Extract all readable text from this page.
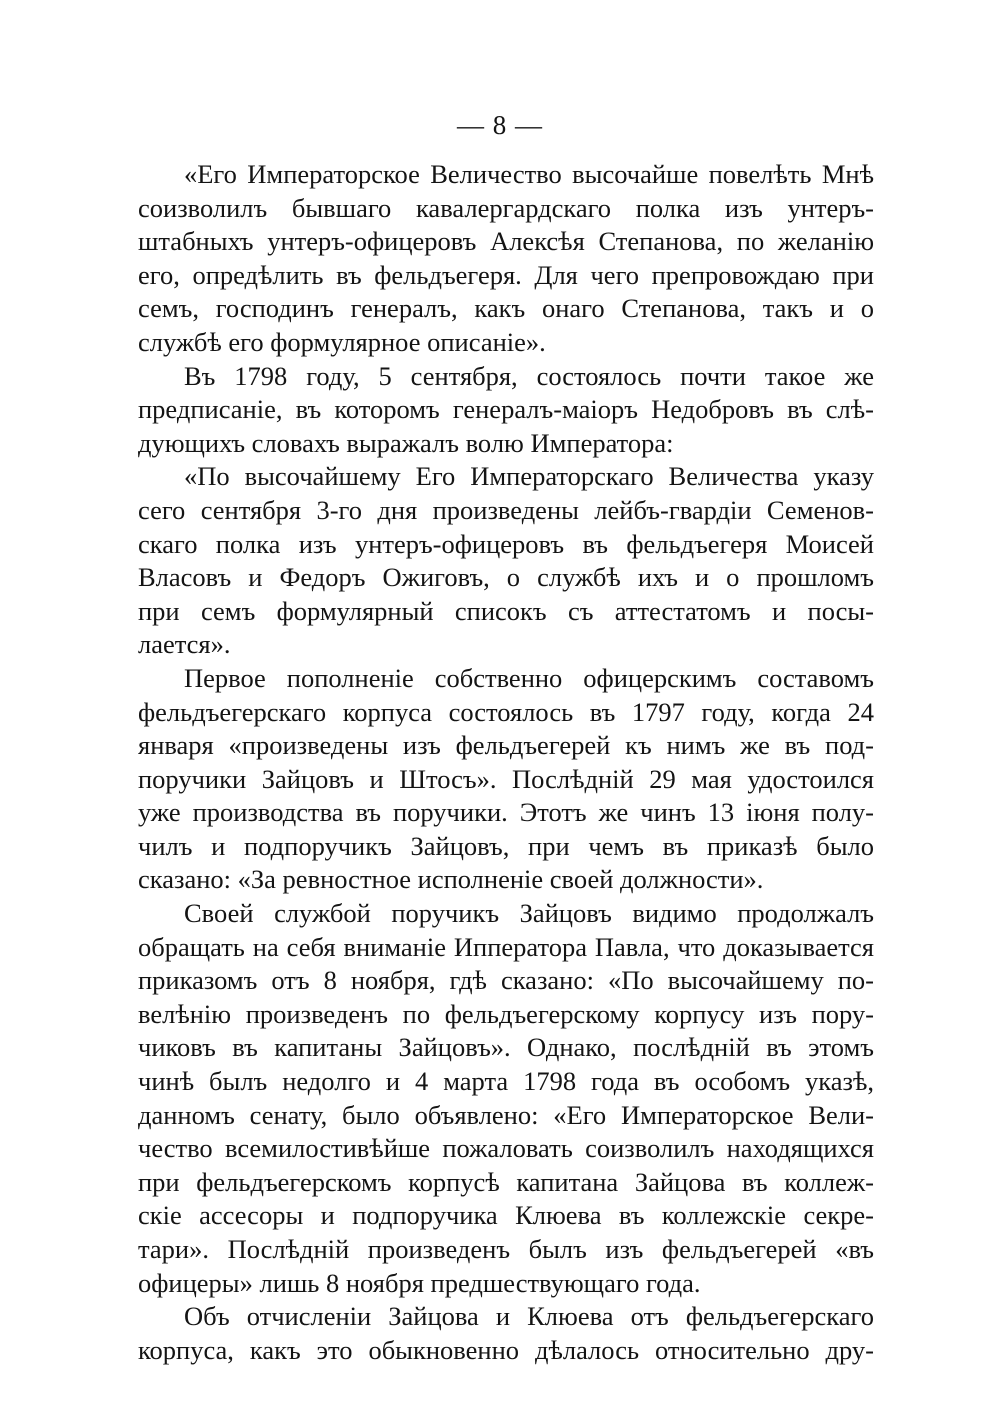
— 8 —
«Его Императорское Величество высочайше повелѣть Мнѣ
соизволилъ бывшаго кавалергардскаго полка изъ унтеръ-
штабныхъ унтеръ-офицеровъ Алексѣя Степанова, по желанію
его, опредѣлить въ фельдъегеря. Для чего препровождаю при
семъ, господинъ генералъ, какъ онаго Степанова, такъ и о
службѣ его формулярное описаніе».
Въ 1798 году, 5 сентября, состоялось почти такое же
предписаніе, въ которомъ генералъ-маіоръ Недобровъ въ слѣ-
дующихъ словахъ выражалъ волю Императора:
«По высочайшему Его Императорскаго Величества указу
сего сентября 3-го дня произведены лейбъ-гвардіи Семенов-
скаго полка изъ унтеръ-офицеровъ въ фельдъегеря Моисей
Власовъ и Федоръ Ожиговъ, о службѣ ихъ и о прошломъ
при семъ формулярный списокъ съ аттестатомъ и посы-
лается».
Первое пополненіе собственно офицерскимъ составомъ
фельдъегерскаго корпуса состоялось въ 1797 году, когда 24
января «произведены изъ фельдъегерей къ нимъ же въ под-
поручики Зайцовъ и Штосъ». Послѣдній 29 мая удостоился
уже производства въ поручики. Этотъ же чинъ 13 іюня полу-
чилъ и подпоручикъ Зайцовъ, при чемъ въ приказѣ было
сказано: «За ревностное исполненіе своей должности».
Своей службой поручикъ Зайцовъ видимо продолжалъ
обращать на себя вниманіе Ипператора Павла, что доказывается
приказомъ отъ 8 ноября, гдѣ сказано: «По высочайшему по-
велѣнію произведенъ по фельдъегерскому корпусу изъ пору-
чиковъ въ капитаны Зайцовъ». Однако, послѣдній въ этомъ
чинѣ былъ недолго и 4 марта 1798 года въ особомъ указѣ,
данномъ сенату, было объявлено: «Его Императорское Вели-
чество всемилостивѣйше пожаловать соизволилъ находящихся
при фельдъегерскомъ корпусѣ капитана Зайцова въ коллеж-
скіе ассесоры и подпоручика Клюева въ коллежскіе секре-
тари». Послѣдній произведенъ былъ изъ фельдъегерей «въ
офицеры» лишь 8 ноября предшествующаго года.
Объ отчисленіи Зайцова и Клюева отъ фельдъегерскаго
корпуса, какъ это обыкновенно дѣлалось относительно дру-
